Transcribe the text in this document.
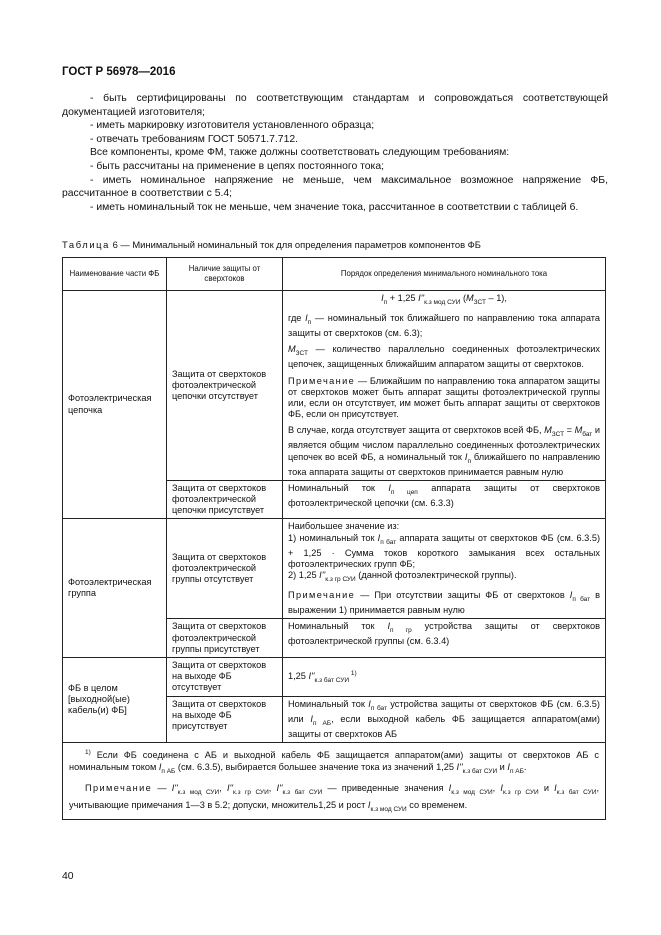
ГОСТ Р 56978—2016

- быть сертифицированы по соответствующим стандартам и сопровождаться соответствующей документацией изготовителя;

- иметь маркировку изготовителя установленного образца;

- отвечать требованиям ГОСТ 50571.7.712.

Все компоненты, кроме ФМ, также должны соответствовать следующим требованиям:

- быть рассчитаны на применение в цепях постоянного тока;

- иметь номинальное напряжение не меньше, чем максимальное возможное напряжение ФБ, рассчитанное в соответствии с 5.4;

- иметь номинальный ток не меньше, чем значение тока, рассчитанное в соответствии с таблицей 6.

Таблица 6 — Минимальный номинальный ток для определения параметров компонентов ФБ
Наименование части ФБ	Наличие защиты от сверхтоков	Порядок определения минимального номинального тока
Фотоэлектрическая цепочка	Защита от сверхтоков фотоэлектрической цепочки отсутствует	$I_п + 1,25$ $I''_{к.з мод СУИ}$ $(M_{ЗСТ} - 1)$,

где $I_п$ — номинальный ток ближайшего по направлению тока аппарата защиты от сверхтоков (см. 6.3);

$M_{ЗСТ}$ — количество параллельно соединенных фотоэлектрических цепочек, защищенных ближайшим аппаратом защиты от сверхтоков.

Примечание — Ближайшим по направлению тока аппаратом защиты от сверхтоков может быть аппарат защиты фотоэлектрической группы или, если он отсутствует, им может быть аппарат защиты от сверхтоков ФБ, если он присутствует.

В случае, когда отсутствует защита от сверхтоков всей ФБ, $M_{ЗСТ} = M_{бат}$ и является общим числом параллельно соединенных фотоэлектрических цепочек во всей ФБ, а номинальный ток $I_п$ ближайшего по направлению тока аппарата защиты от сверхтоков принимается равным нулю

	Защита от сверхтоков фотоэлектрической цепочки присутствует	Номинальный ток $I_{п цеп}$ аппарата защиты от сверхтоков фотоэлектрической цепочки (см. 6.3.3)
Фотоэлектрическая группа	Защита от сверхтоков фотоэлектрической группы отсутствует	Наибольшее значение из:

1) номинальный ток $I_{п бат}$ аппарата защиты от сверхтоков ФБ (см. 6.3.5) + 1,25 · Сумма токов короткого замыкания всех остальных фотоэлектрических групп ФБ;

2) 1,25 $I''_{к.з гр СУИ}$ (данной фотоэлектрической группы).

Примечание — При отсутствии защиты ФБ от сверхтоков $I_{п бат}$ в выражении 1) принимается равным нулю

	Защита от сверхтоков фотоэлектрической группы присутствует	Номинальный ток $I_{п гр}$ устройства защиты от сверхтоков фотоэлектрической группы (см. 6.3.4)
ФБ в целом [выходной(ые) кабель(и) ФБ]	Защита от сверхтоков на выходе ФБ отсутствует	1,25 $I''_{к.з бат СУИ}$ $^{1)}$
	Защита от сверхтоков на выходе ФБ присутствует	Номинальный ток $I_{п бат}$ устройства защиты от сверхтоков ФБ (см. 6.3.5) или $I_{п АБ}$, если выходной кабель ФБ защищается аппаратом(ами) защиты от сверхтоков АБ

$^{1)}$ Если ФБ соединена с АБ и выходной кабель ФБ защищается аппаратом(ами) защиты от сверхтоков АБ с номинальным током $I_{п АБ}$ (см. 6.3.5), выбирается большее значение тока из значений 1,25 $I''_{к.з бат СУИ}$ и $I_{п АБ}$.

Примечание — $I''_{к.з мод СУИ}$, $I''_{к.з гр СУИ}$, $I''_{к.з бат СУИ}$ — приведенные значения $I_{к.з мод СУИ}$, $I_{к.з гр СУИ}$ и $I_{к.з бат СУИ}$, учитывающие примечания 1—3 в 5.2; допуски, множитель1,25 и рост $I_{к.з мод СУИ}$ со временем.		

40
